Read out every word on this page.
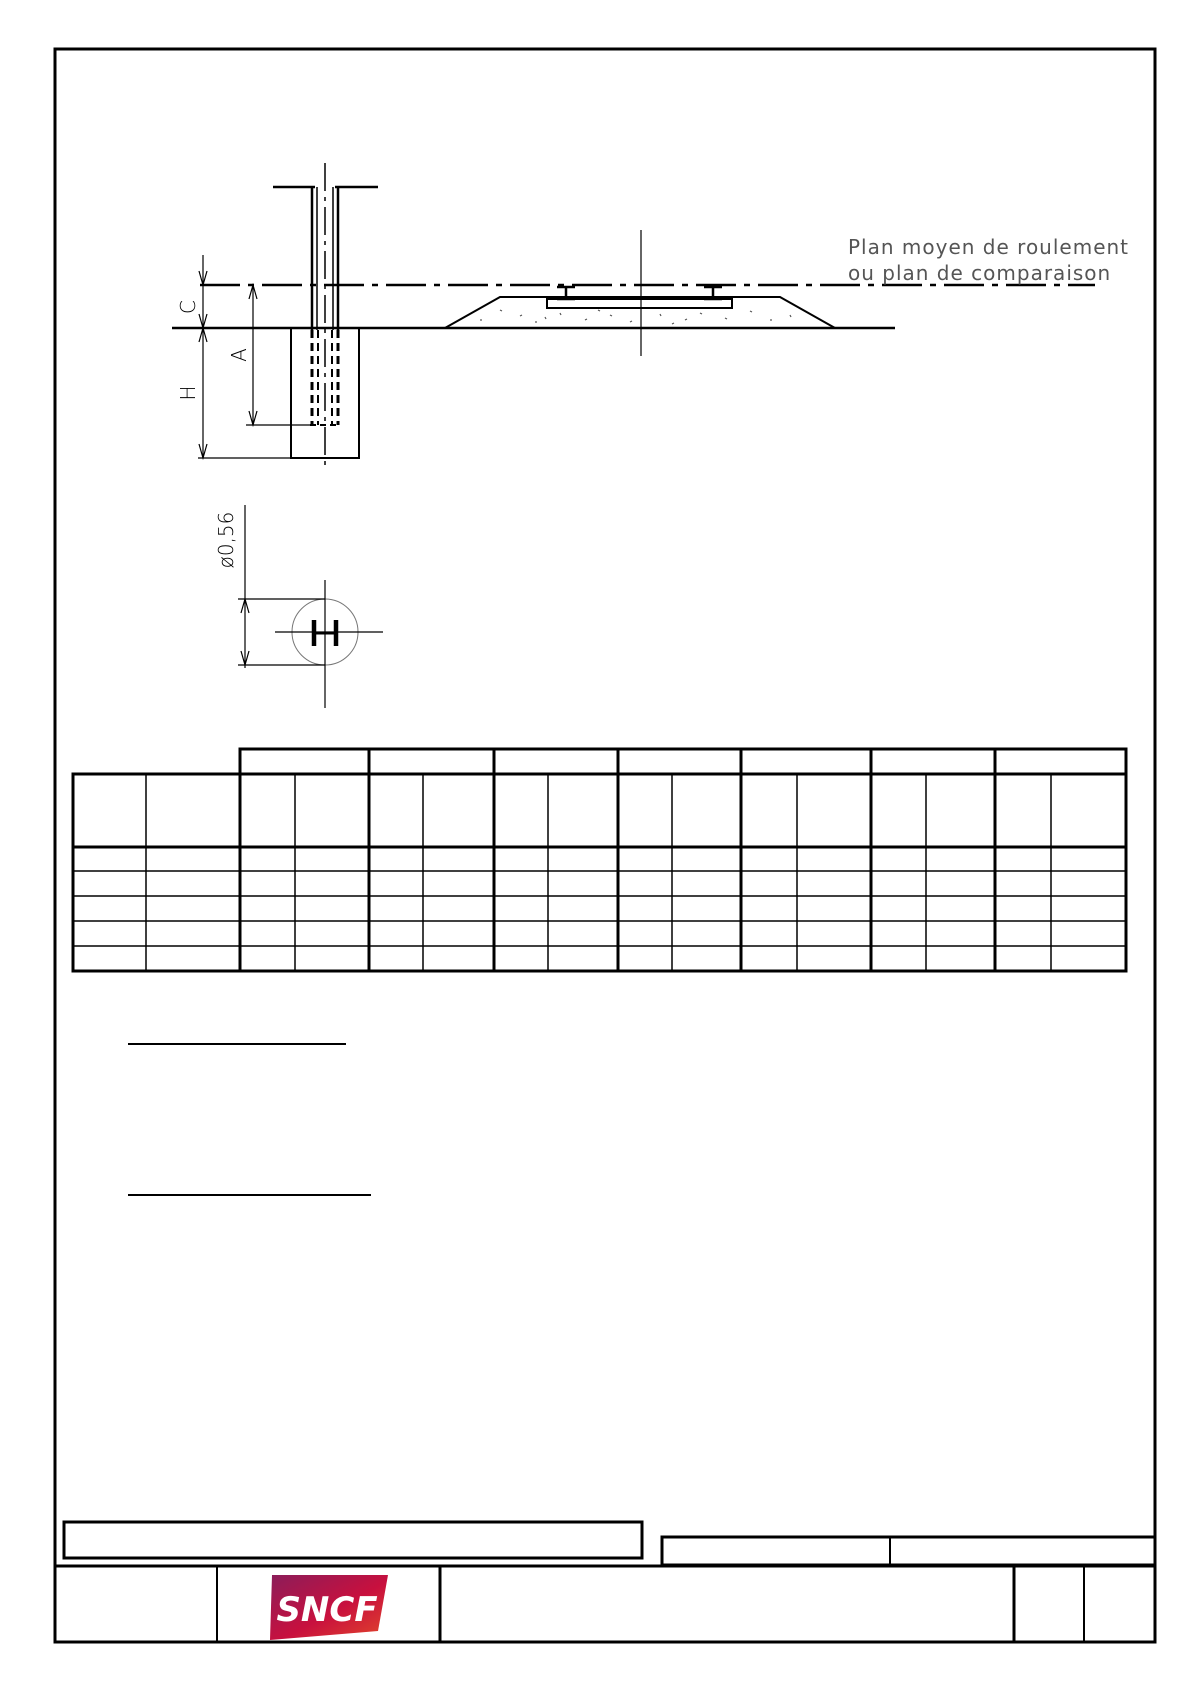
C
A
H
Plan moyen de roulement
ou plan de comparaison
ø0,56
SNCF
